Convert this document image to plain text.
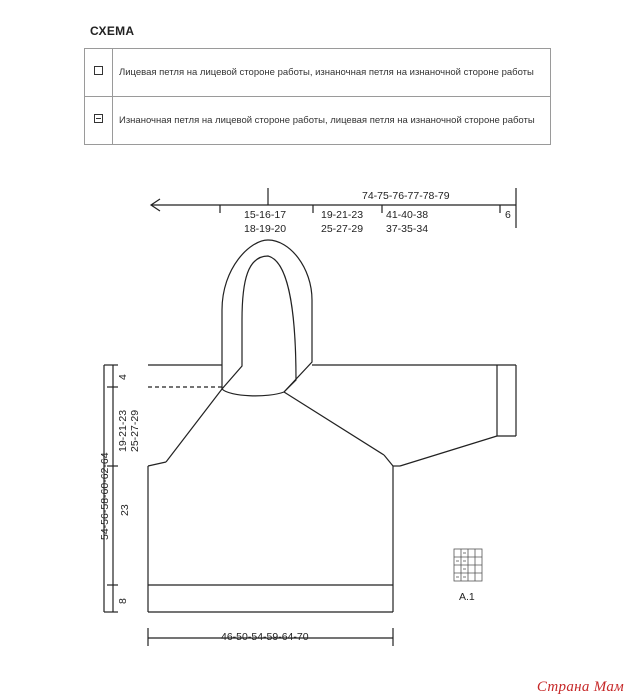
СХЕМА
	Лицевая петля на лицевой стороне работы, изнаночная петля на изнаночной стороне работы
	Изнаночная петля на лицевой стороне работы, лицевая петля на изнаночной стороне работы
74-75-76-77-78-79
15-16-17
18-19-20
19-21-23
25-27-29
41-40-38
37-35-34
6
54-56-58-60-62-64
4
19-21-23 25-27-29
23
8
46-50-54-59-64-70
A.1
Страна Мам
